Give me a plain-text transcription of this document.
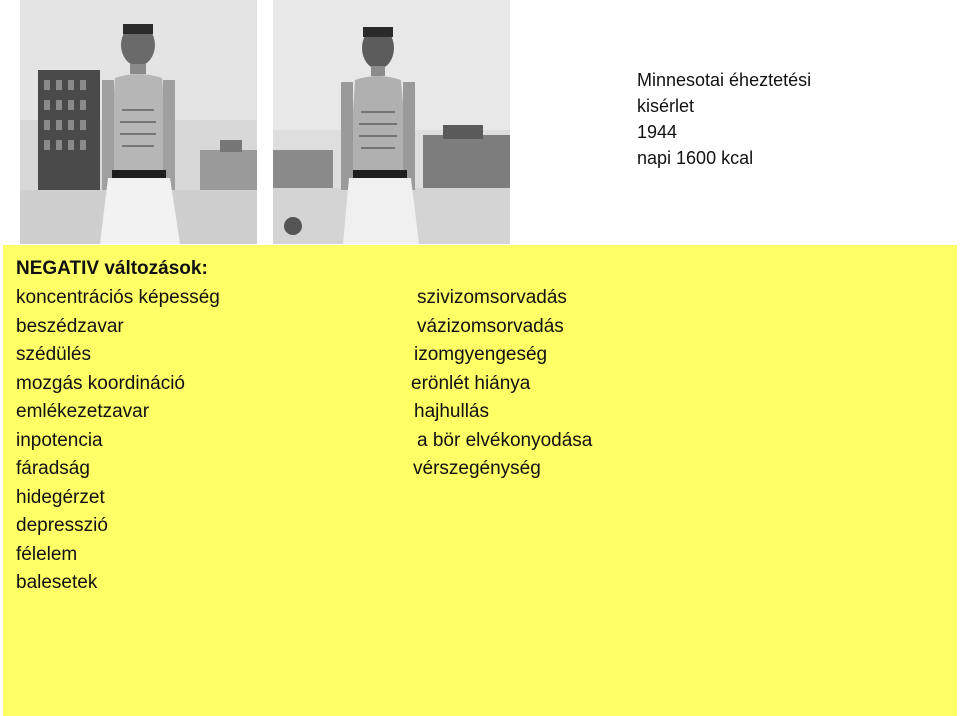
Minnesotai éheztetési
kisérlet
1944
napi 1600 kcal
NEGATIV változások:
koncentrációs képesség
beszédzavar
szédülés
mozgás koordináció
emlékezetzavar
inpotencia
fáradság
hidegérzet
depresszió
félelem
balesetek
szivizomsorvadás
vázizomsorvadás
izomgyengeség
erönlét hiánya
hajhullás
a bör elvékonyodása
vérszegénység
